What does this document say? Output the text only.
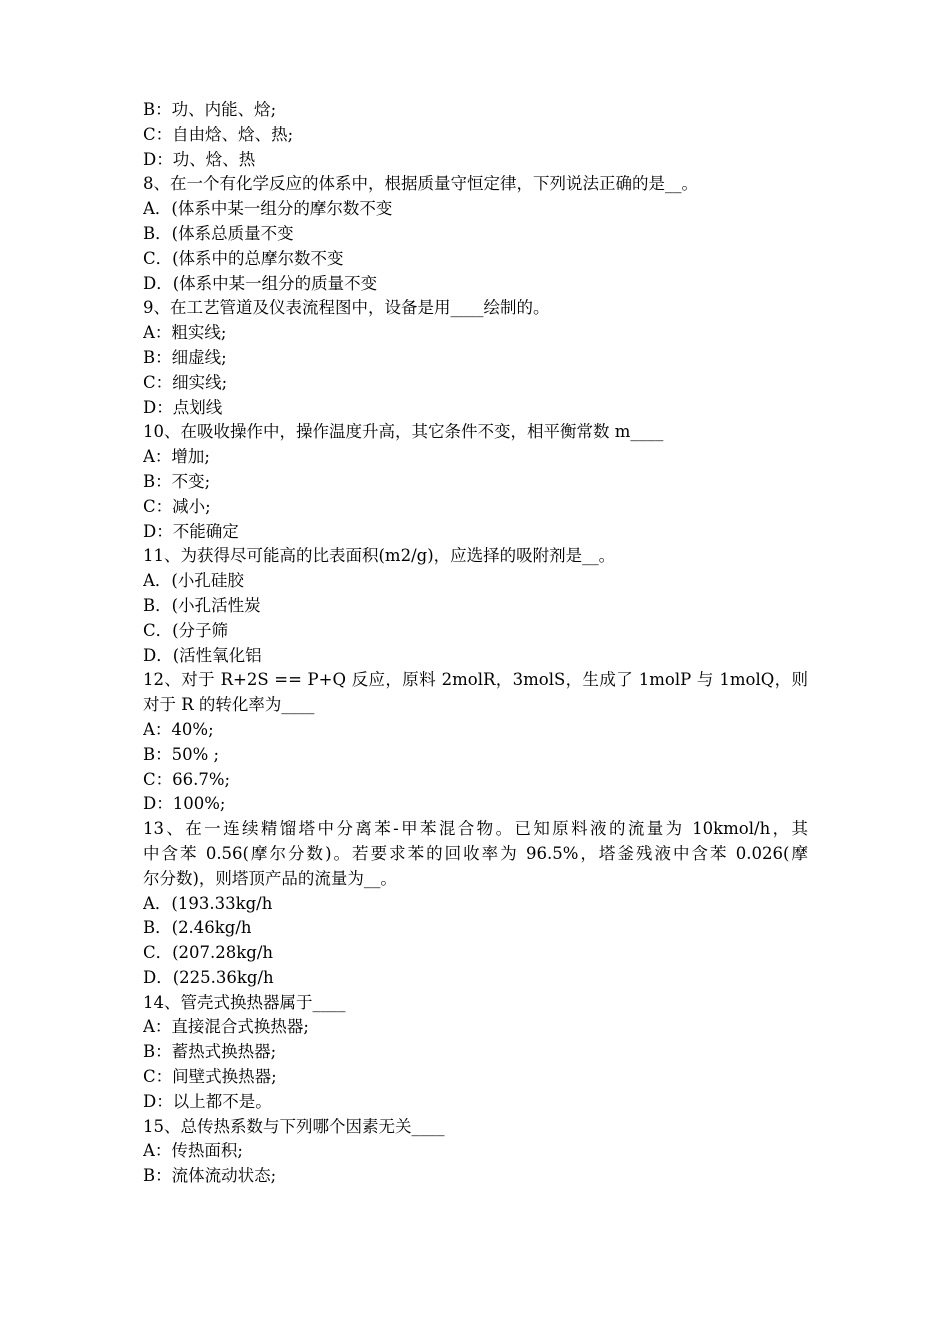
B：功、内能、焓;
C：自由焓、焓、热;
D：功、焓、热
8、在一个有化学反应的体系中，根据质量守恒定律，下列说法正确的是__。
A．(体系中某一组分的摩尔数不变
B．(体系总质量不变
C．(体系中的总摩尔数不变
D．(体系中某一组分的质量不变
9、在工艺管道及仪表流程图中，设备是用____绘制的。
A：粗实线;
B：细虚线;
C：细实线;
D：点划线
10、在吸收操作中，操作温度升高，其它条件不变，相平衡常数 m____
A：增加;
B：不变;
C：减小;
D：不能确定
11、为获得尽可能高的比表面积(m2/g)，应选择的吸附剂是__。
A．(小孔硅胶
B．(小孔活性炭
C．(分子筛
D．(活性氧化铝
12、对于 R+2S == P+Q 反应，原料 2molR，3molS，生成了 1molP 与 1molQ，则
对于 R 的转化率为____
A：40%;
B：50% ;
C：66.7%;
D：100%;
13、在一连续精馏塔中分离苯-甲苯混合物。已知原料液的流量为 10kmol/h，其
中含苯 0.56(摩尔分数)。若要求苯的回收率为 96.5%，塔釜残液中含苯 0.026(摩
尔分数)，则塔顶产品的流量为__。
A．(193.33kg/h
B．(2.46kg/h
C．(207.28kg/h
D．(225.36kg/h
14、管壳式换热器属于____
A：直接混合式换热器;
B：蓄热式换热器;
C：间壁式换热器;
D：以上都不是。
15、总传热系数与下列哪个因素无关____
A：传热面积;
B：流体流动状态;
